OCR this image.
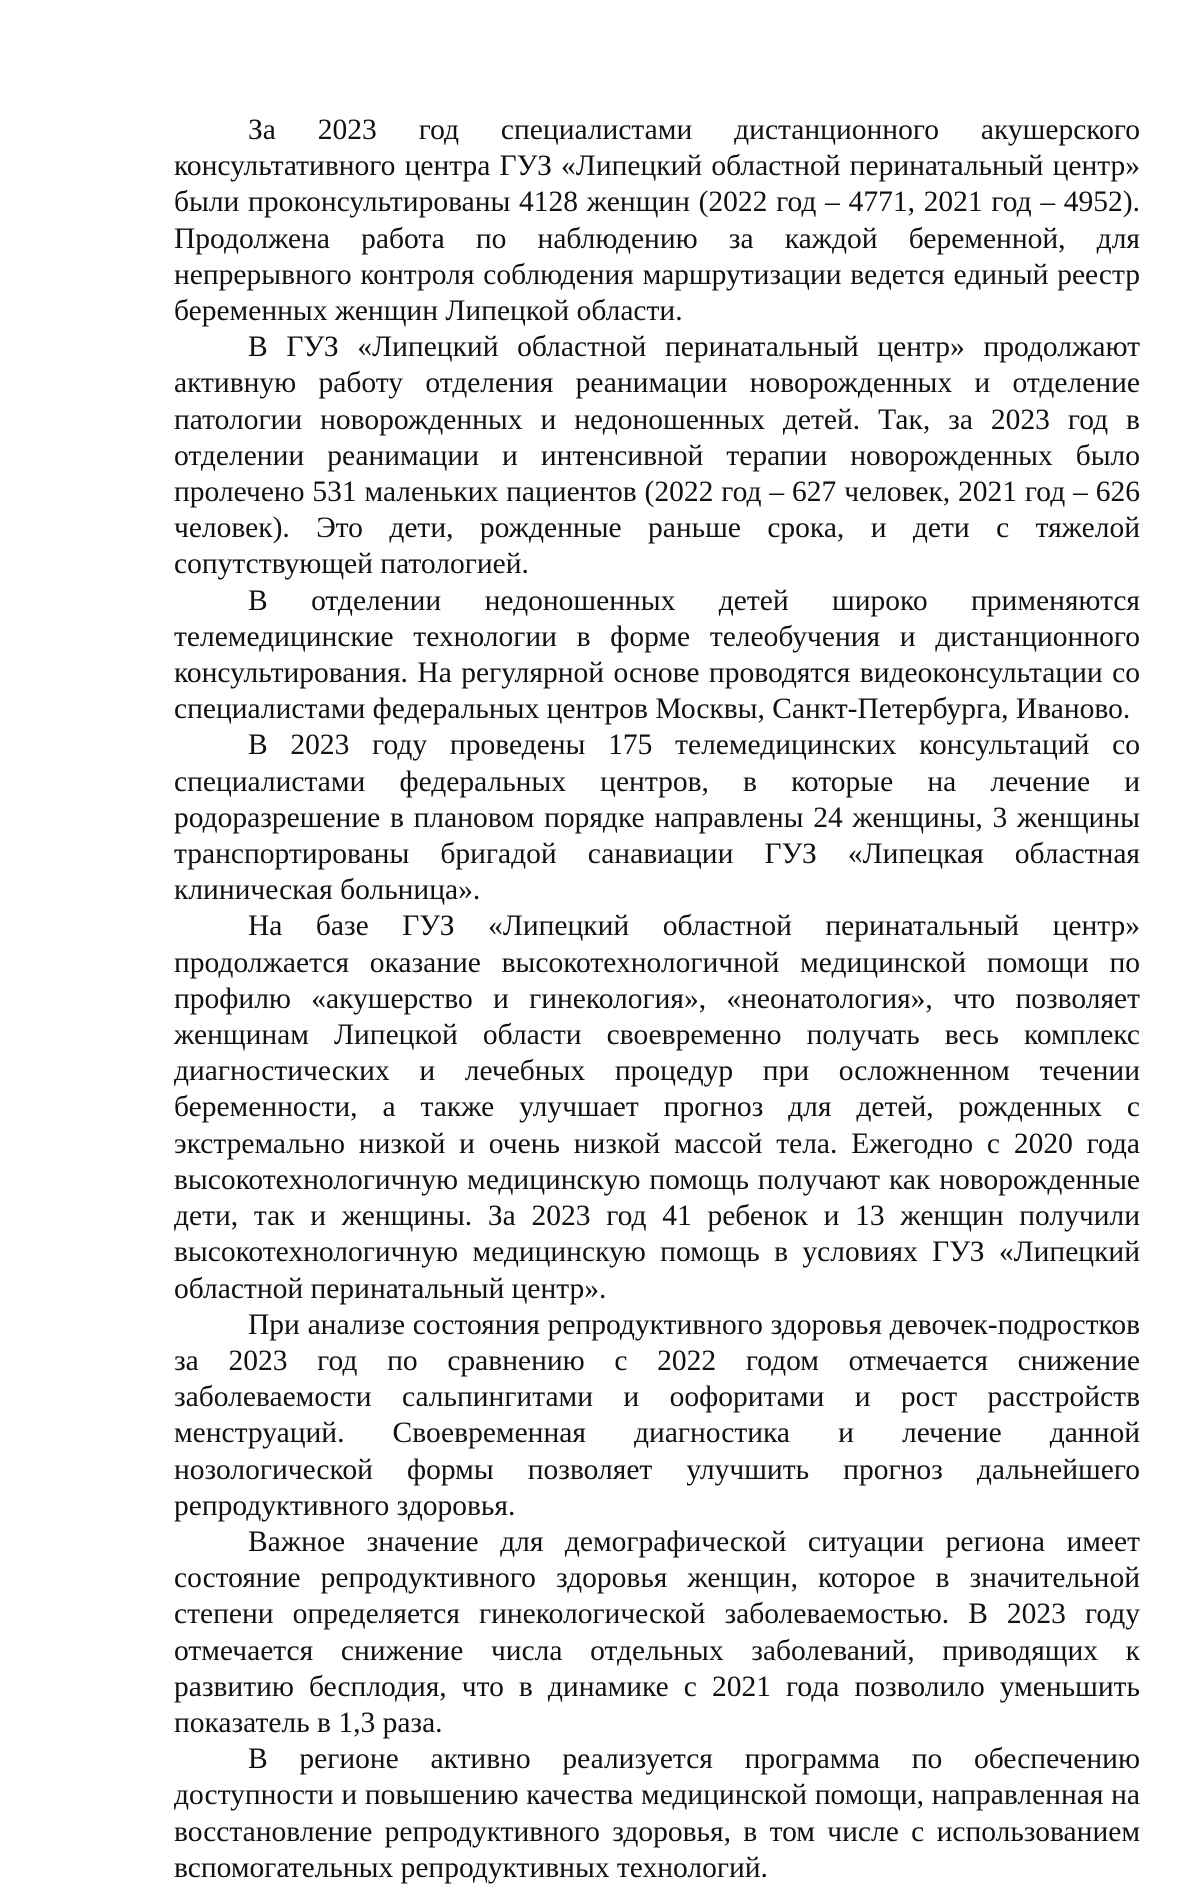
За 2023 год специалистами дистанционного акушерского консультативного центра ГУЗ «Липецкий областной перинатальный центр» были проконсультированы 4128 женщин (2022 год – 4771, 2021 год – 4952). Продолжена работа по наблюдению за каждой беременной, для непрерывного контроля соблюдения маршрутизации ведется единый реестр беременных женщин Липецкой области.

В ГУЗ «Липецкий областной перинатальный центр» продолжают активную работу отделения реанимации новорожденных и отделение патологии новорожденных и недоношенных детей. Так, за 2023 год в отделении реанимации и интенсивной терапии новорожденных было пролечено 531 маленьких пациентов (2022 год – 627 человек, 2021 год – 626 человек). Это дети, рожденные раньше срока, и дети с тяжелой сопутствующей патологией.

В отделении недоношенных детей широко применяются телемедицинские технологии в форме телеобучения и дистанционного консультирования. На регулярной основе проводятся видеоконсультации со специалистами федеральных центров Москвы, Санкт-Петербурга, Иваново.

В 2023 году проведены 175 телемедицинских консультаций со специалистами федеральных центров, в которые на лечение и родоразрешение в плановом порядке направлены 24 женщины, 3 женщины транспортированы бригадой санавиации ГУЗ «Липецкая областная клиническая больница».

На базе ГУЗ «Липецкий областной перинатальный центр» продолжается оказание высокотехнологичной медицинской помощи по профилю «акушерство и гинекология», «неонатология», что позволяет женщинам Липецкой области своевременно получать весь комплекс диагностических и лечебных процедур при осложненном течении беременности, а также улучшает прогноз для детей, рожденных с экстремально низкой и очень низкой массой тела. Ежегодно с 2020 года высокотехнологичную медицинскую помощь получают как новорожденные дети, так и женщины. За 2023 год 41 ребенок и 13 женщин получили высокотехнологичную медицинскую помощь в условиях ГУЗ «Липецкий областной перинатальный центр».

При анализе состояния репродуктивного здоровья девочек-подростков за 2023 год по сравнению с 2022 годом отмечается снижение заболеваемости сальпингитами и оофоритами и рост расстройств менструаций. Своевременная диагностика и лечение данной нозологической формы позволяет улучшить прогноз дальнейшего репродуктивного здоровья.

Важное значение для демографической ситуации региона имеет состояние репродуктивного здоровья женщин, которое в значительной степени определяется гинекологической заболеваемостью. В 2023 году отмечается снижение числа отдельных заболеваний, приводящих к развитию бесплодия, что в динамике с 2021 года позволило уменьшить показатель в 1,3 раза.

В регионе активно реализуется программа по обеспечению доступности и повышению качества медицинской помощи, направленная на восстановление репродуктивного здоровья, в том числе с использованием вспомогательных репродуктивных технологий.
